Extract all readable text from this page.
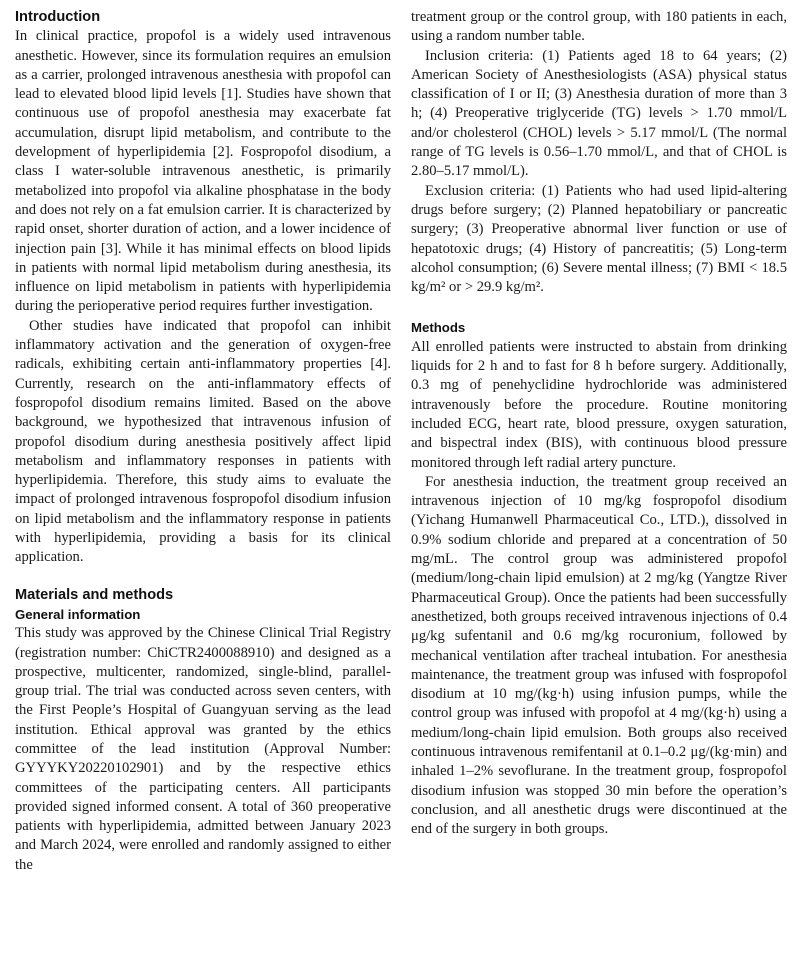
Introduction

In clinical practice, propofol is a widely used intravenous anesthetic. However, since its formulation requires an emulsion as a carrier, prolonged intravenous anesthesia with propofol can lead to elevated blood lipid levels [1]. Studies have shown that continuous use of propofol anesthesia may exacerbate fat accumulation, disrupt lipid metabolism, and contribute to the development of hyperlipidemia [2]. Fospropofol disodium, a class I water-soluble intravenous anesthetic, is primarily metabolized into propofol via alkaline phosphatase in the body and does not rely on a fat emulsion carrier. It is characterized by rapid onset, shorter duration of action, and a lower incidence of injection pain [3]. While it has minimal effects on blood lipids in patients with normal lipid metabolism during anesthesia, its influence on lipid metabolism in patients with hyperlipidemia during the perioperative period requires further investigation.

Other studies have indicated that propofol can inhibit inflammatory activation and the generation of oxygen-free radicals, exhibiting certain anti-inflammatory properties [4]. Currently, research on the anti-inflammatory effects of fospropofol disodium remains limited. Based on the above background, we hypothesized that intravenous infusion of propofol disodium during anesthesia positively affect lipid metabolism and inflammatory responses in patients with hyperlipidemia. Therefore, this study aims to evaluate the impact of prolonged intravenous fospropofol disodium infusion on lipid metabolism and the inflammatory response in patients with hyperlipidemia, providing a basis for its clinical application.

Materials and methods
General information

This study was approved by the Chinese Clinical Trial Registry (registration number: ChiCTR2400088910) and designed as a prospective, multicenter, randomized, single-blind, parallel-group trial. The trial was conducted across seven centers, with the First People’s Hospital of Guangyuan serving as the lead institution. Ethical approval was granted by the ethics committee of the lead institution (Approval Number: GYYYKY20220102901) and by the respective ethics committees of the participating centers. All participants provided signed informed consent. A total of 360 preoperative patients with hyperlipidemia, admitted between January 2023 and March 2024, were enrolled and randomly assigned to either the

treatment group or the control group, with 180 patients in each, using a random number table.

Inclusion criteria: (1) Patients aged 18 to 64 years; (2) American Society of Anesthesiologists (ASA) physical status classification of I or II; (3) Anesthesia duration of more than 3 h; (4) Preoperative triglyceride (TG) levels > 1.70 mmol/L and/or cholesterol (CHOL) levels > 5.17 mmol/L (The normal range of TG levels is 0.56–1.70 mmol/L, and that of CHOL is 2.80–5.17 mmol/L).

Exclusion criteria: (1) Patients who had used lipid-altering drugs before surgery; (2) Planned hepatobiliary or pancreatic surgery; (3) Preoperative abnormal liver function or use of hepatotoxic drugs; (4) History of pancreatitis; (5) Long-term alcohol consumption; (6) Severe mental illness; (7) BMI < 18.5 kg/m² or > 29.9 kg/m².

Methods

All enrolled patients were instructed to abstain from drinking liquids for 2 h and to fast for 8 h before surgery. Additionally, 0.3 mg of penehyclidine hydrochloride was administered intravenously before the procedure. Routine monitoring included ECG, heart rate, blood pressure, oxygen saturation, and bispectral index (BIS), with continuous blood pressure monitored through left radial artery puncture.

For anesthesia induction, the treatment group received an intravenous injection of 10 mg/kg fospropofol disodium (Yichang Humanwell Pharmaceutical Co., LTD.), dissolved in 0.9% sodium chloride and prepared at a concentration of 50 mg/mL. The control group was administered propofol (medium/long-chain lipid emulsion) at 2 mg/kg (Yangtze River Pharmaceutical Group). Once the patients had been successfully anesthetized, both groups received intravenous injections of 0.4 μg/kg sufentanil and 0.6 mg/kg rocuronium, followed by mechanical ventilation after tracheal intubation. For anesthesia maintenance, the treatment group was infused with fospropofol disodium at 10 mg/(kg·h) using infusion pumps, while the control group was infused with propofol at 4 mg/(kg·h) using a medium/long-chain lipid emulsion. Both groups also received continuous intravenous remifentanil at 0.1–0.2 μg/(kg·min) and inhaled 1–2% sevoflurane. In the treatment group, fospropofol disodium infusion was stopped 30 min before the operation’s conclusion, and all anesthetic drugs were discontinued at the end of the surgery in both groups.
